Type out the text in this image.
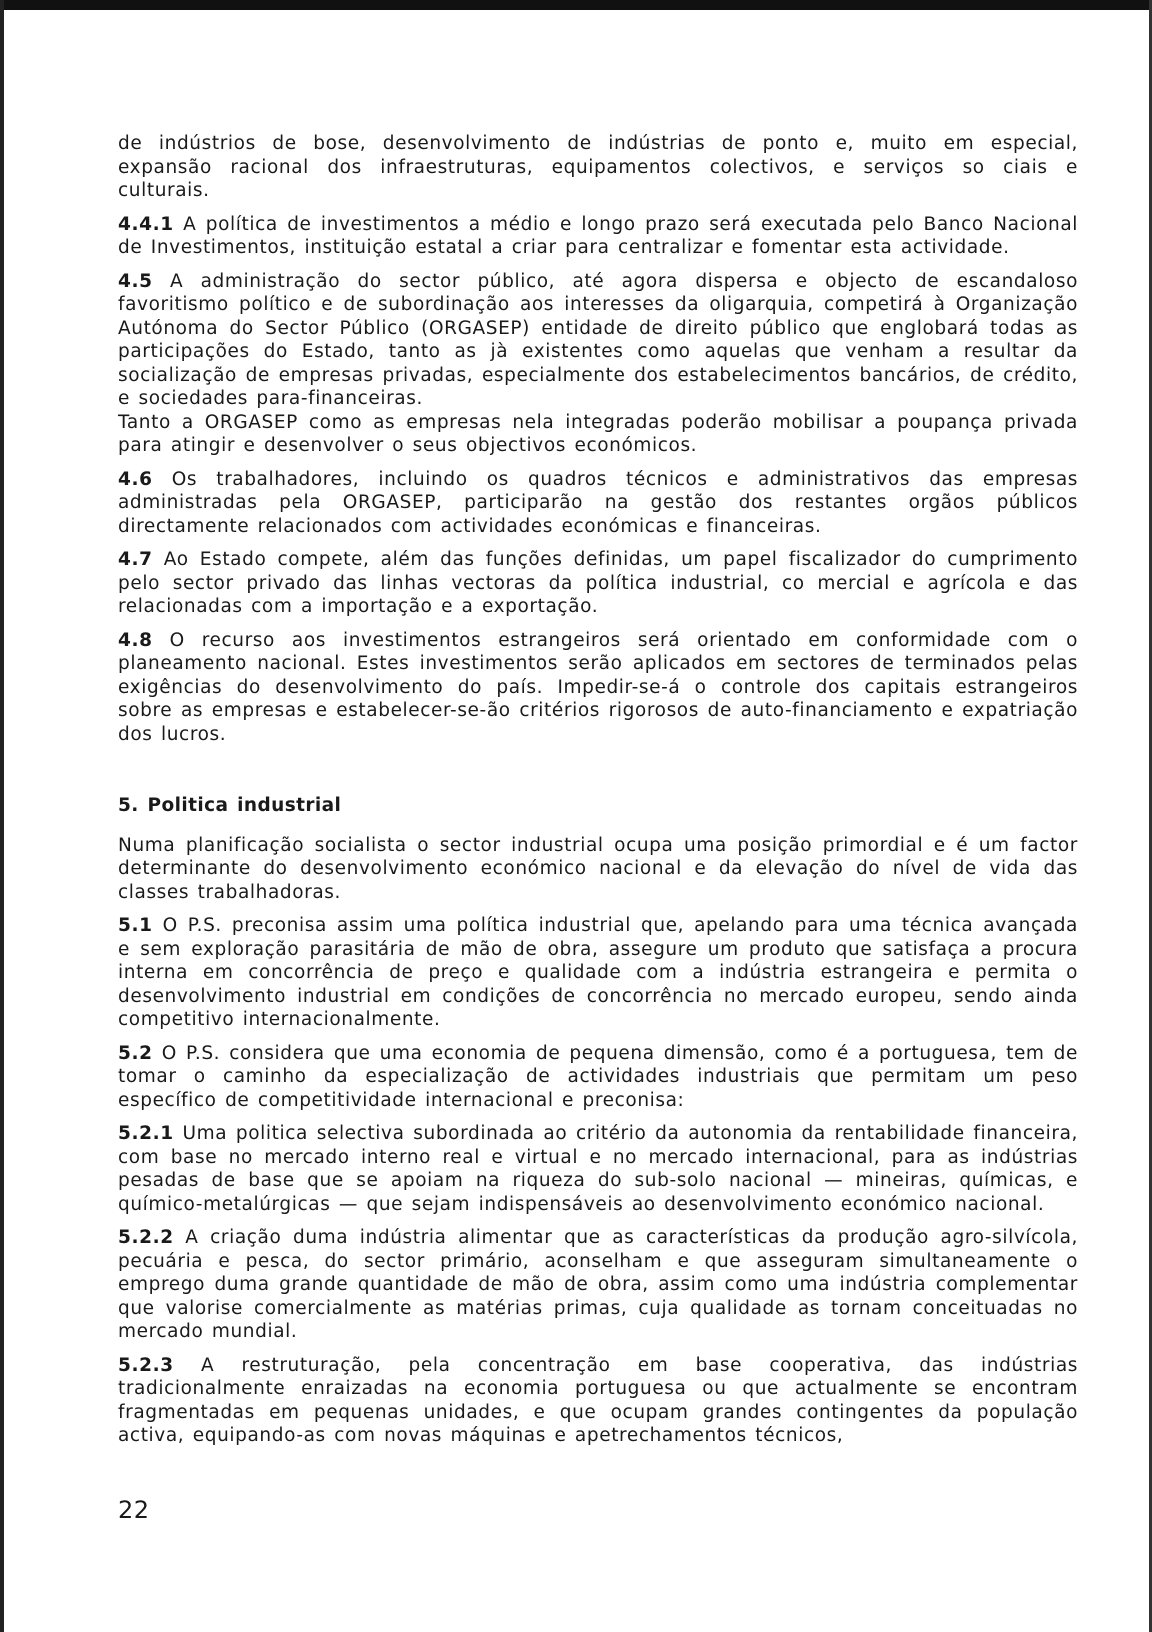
de indústrios de bose, desenvolvimento de indústrias de ponto e, muito em especial, expansão racional dos infraestruturas, equipamentos colectivos, e serviços so ciais e culturais.

4.4.1 A política de investimentos a médio e longo prazo será executada pelo Banco Nacional de Investimentos, instituição estatal a criar para centralizar e fomentar esta actividade.

4.5 A administração do sector público, até agora dispersa e objecto de escandaloso favoritismo político e de subordinação aos interesses da oligarquia, competirá à Organização Autónoma do Sector Público (ORGASEP) entidade de direito público que englobará todas as participações do Estado, tanto as jà existentes como aquelas que venham a resultar da socialização de empresas privadas, especialmente dos estabelecimentos bancários, de crédito, e sociedades para-financeiras.

Tanto a ORGASEP como as empresas nela integradas poderão mobilisar a poupança privada para atingir e desenvolver o seus objectivos económicos.

4.6 Os trabalhadores, incluindo os quadros técnicos e administrativos das empresas administradas pela ORGASEP, participarão na gestão dos restantes orgãos públicos directamente relacionados com actividades económicas e financeiras.

4.7 Ao Estado compete, além das funções definidas, um papel fiscalizador do cumprimento pelo sector privado das linhas vectoras da política industrial, co mercial e agrícola e das relacionadas com a importação e a exportação.

4.8 O recurso aos investimentos estrangeiros será orientado em conformidade com o planeamento nacional. Estes investimentos serão aplicados em sectores de terminados pelas exigências do desenvolvimento do país. Impedir-se-á o controle dos capitais estrangeiros sobre as empresas e estabelecer-se-ão critérios rigorosos de auto-financiamento e expatriação dos lucros.

5. Politica industrial

Numa planificação socialista o sector industrial ocupa uma posição primordial e é um factor determinante do desenvolvimento económico nacional e da elevação do nível de vida das classes trabalhadoras.

5.1 O P.S. preconisa assim uma política industrial que, apelando para uma técnica avançada e sem exploração parasitária de mão de obra, assegure um produto que satisfaça a procura interna em concorrência de preço e qualidade com a indústria estrangeira e permita o desenvolvimento industrial em condições de concorrência no mercado europeu, sendo ainda competitivo internacionalmente.

5.2 O P.S. considera que uma economia de pequena dimensão, como é a portuguesa, tem de tomar o caminho da especialização de actividades industriais que permitam um peso específico de competitividade internacional e preconisa:

5.2.1 Uma politica selectiva subordinada ao critério da autonomia da rentabilidade financeira, com base no mercado interno real e virtual e no mercado internacional, para as indústrias pesadas de base que se apoiam na riqueza do sub-solo nacional — mineiras, químicas, e químico-metalúrgicas — que sejam indispensáveis ao desenvolvimento económico nacional.

5.2.2 A criação duma indústria alimentar que as características da produção agro-silvícola, pecuária e pesca, do sector primário, aconselham e que asseguram simultaneamente o emprego duma grande quantidade de mão de obra, assim como uma indústria complementar que valorise comercialmente as matérias primas, cuja qualidade as tornam conceituadas no mercado mundial.

5.2.3 A restruturação, pela concentração em base cooperativa, das indústrias tradicionalmente enraizadas na economia portuguesa ou que actualmente se encontram fragmentadas em pequenas unidades, e que ocupam grandes contingentes da população activa, equipando-as com novas máquinas e apetrechamentos técnicos,

22
